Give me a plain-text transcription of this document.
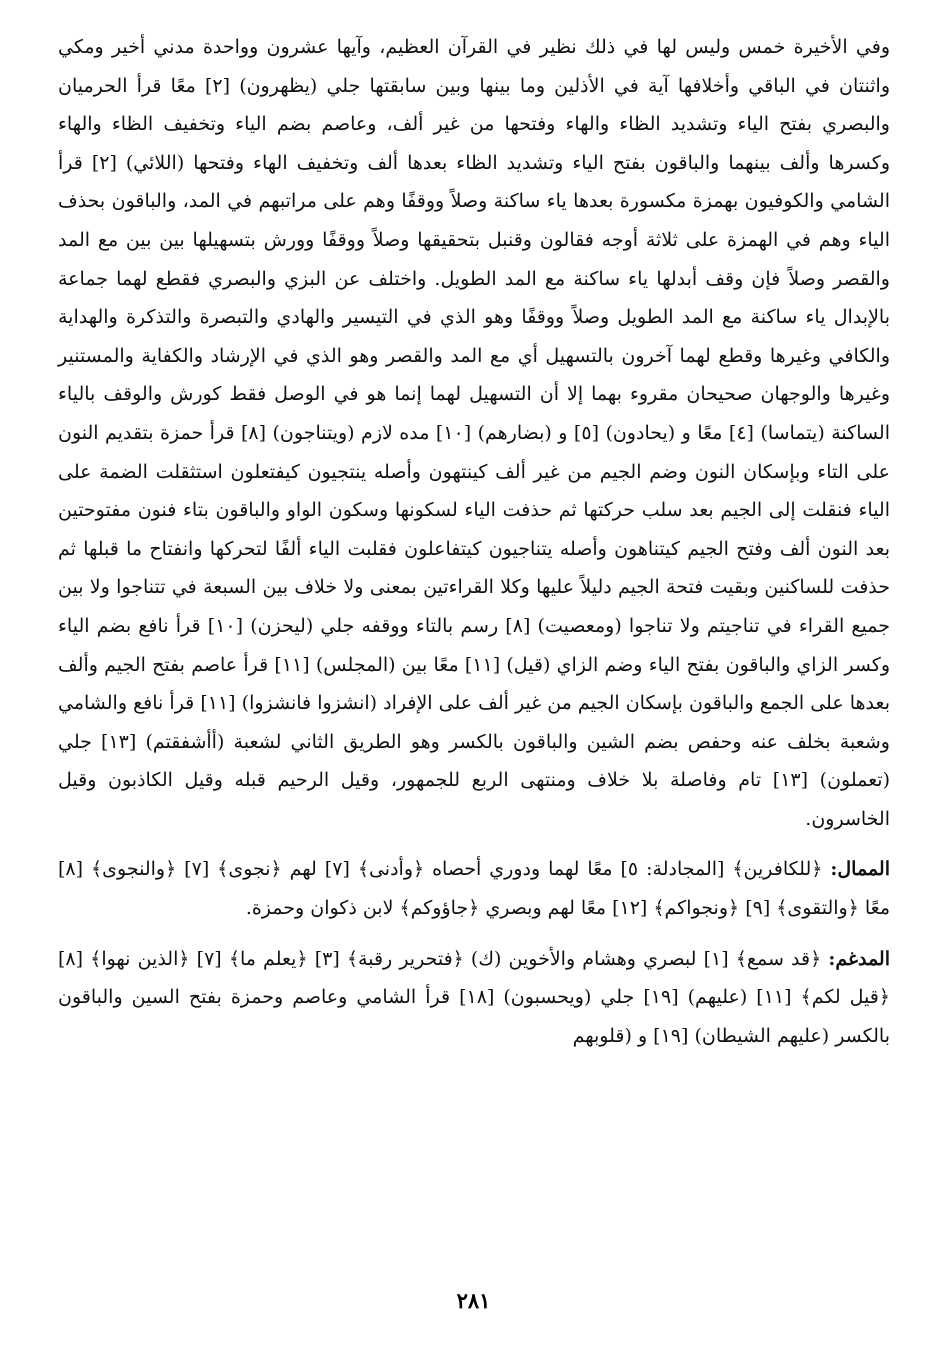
وفي الأخيرة خمس وليس لها في ذلك نظير في القرآن العظيم، وآيها عشرون وواحدة مدني أخير ومكي واثنتان في الباقي وأخلافها آية في الأذلين وما بينها وبين سابقتها جلي (يظهرون) [٢] معًا قرأ الحرميان والبصري بفتح الياء وتشديد الظاء والهاء وفتحها من غير ألف، وعاصم بضم الياء وتخفيف الظاء والهاء وكسرها وألف بينهما والباقون بفتح الياء وتشديد الظاء بعدها ألف وتخفيف الهاء وفتحها (اللائي) [٢] قرأ الشامي والكوفيون بهمزة مكسورة بعدها ياء ساكنة وصلاً ووقفًا وهم على مراتبهم في المد، والباقون بحذف الياء وهم في الهمزة على ثلاثة أوجه فقالون وقنبل بتحقيقها وصلاً ووقفًا وورش بتسهيلها بين بين مع المد والقصر وصلاً فإن وقف أبدلها ياء ساكنة مع المد الطويل. واختلف عن البزي والبصري فقطع لهما جماعة بالإبدال ياء ساكنة مع المد الطويل وصلاً ووقفًا وهو الذي في التيسير والهادي والتبصرة والتذكرة والهداية والكافي وغيرها وقطع لهما آخرون بالتسهيل أي مع المد والقصر وهو الذي في الإرشاد والكفاية والمستنير وغيرها والوجهان صحيحان مقروء بهما إلا أن التسهيل لهما إنما هو في الوصل فقط كورش والوقف بالياء الساكنة (يتماسا) [٤] معًا و (يحادون) [٥] و (بضارهم) [١٠] مده لازم (ويتناجون) [٨] قرأ حمزة بتقديم النون على التاء وبإسكان النون وضم الجيم من غير ألف كينتهون وأصله ينتجيون كيفتعلون استثقلت الضمة على الياء فنقلت إلى الجيم بعد سلب حركتها ثم حذفت الياء لسكونها وسكون الواو والباقون بتاء فنون مفتوحتين بعد النون ألف وفتح الجيم كيتناهون وأصله يتناجيون كيتفاعلون فقلبت الياء ألفًا لتحركها وانفتاح ما قبلها ثم حذفت للساكنين وبقيت فتحة الجيم دليلاً عليها وكلا القراءتين بمعنى ولا خلاف بين السبعة في تتناجوا ولا بين جميع القراء في تناجيتم ولا تناجوا (ومعصيت) [٨] رسم بالتاء ووقفه جلي (ليحزن) [١٠] قرأ نافع بضم الياء وكسر الزاي والباقون بفتح الياء وضم الزاي (قيل) [١١] معًا بين (المجلس) [١١] قرأ عاصم بفتح الجيم وألف بعدها على الجمع والباقون بإسكان الجيم من غير ألف على الإفراد (انشزوا فانشزوا) [١١] قرأ نافع والشامي وشعبة بخلف عنه وحفص بضم الشين والباقون بالكسر وهو الطريق الثاني لشعبة (أأشفقتم) [١٣] جلي (تعملون) [١٣] تام وفاصلة بلا خلاف ومنتهى الربع للجمهور، وقيل الرحيم قبله وقيل الكاذبون وقيل الخاسرون.

الممال: ﴿للكافرين﴾ [المجادلة: ٥] معًا لهما ودوري أحصاه ﴿وأدنى﴾ [٧] لهم ﴿نجوى﴾ [٧] ﴿والنجوى﴾ [٨] معًا ﴿والتقوى﴾ [٩] ﴿ونجواكم﴾ [١٢] معًا لهم وبصري ﴿جاؤوكم﴾ لابن ذكوان وحمزة.

المدغم: ﴿قد سمع﴾ [١] لبصري وهشام والأخوين (ك) ﴿فتحرير رقبة﴾ [٣] ﴿يعلم ما﴾ [٧] ﴿الذين نهوا﴾ [٨] ﴿قيل لكم﴾ [١١] (عليهم) [١٩] جلي (ويحسبون) [١٨] قرأ الشامي وعاصم وحمزة بفتح السين والباقون بالكسر (عليهم الشيطان) [١٩] و (قلوبهم

٢٨١
